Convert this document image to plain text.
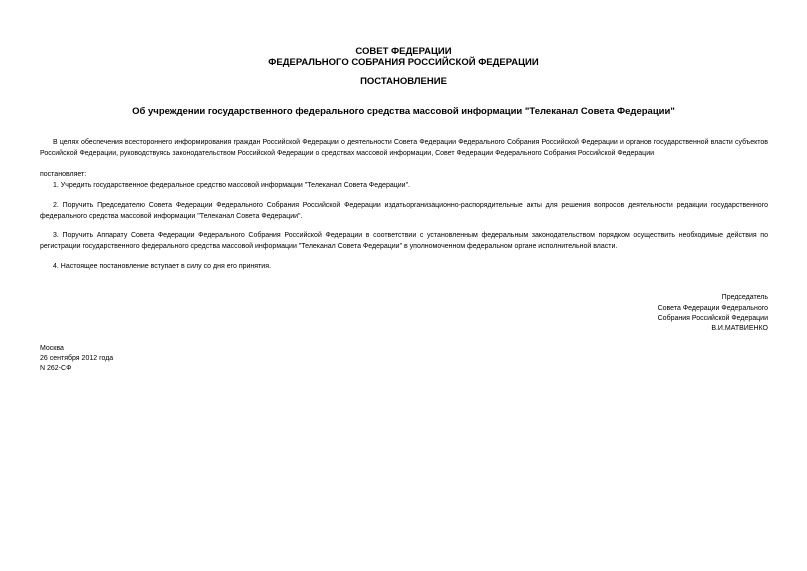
СОВЕТ ФЕДЕРАЦИИ
ФЕДЕРАЛЬНОГО СОБРАНИЯ РОССИЙСКОЙ ФЕДЕРАЦИИ
ПОСТАНОВЛЕНИЕ
Об учреждении государственного федерального средства массовой информации "Телеканал Совета Федерации"
В целях обеспечения всестороннего информирования граждан Российской Федерации о деятельности Совета Федерации Федерального Собрания Российской Федерации и органов государственной власти субъектов Российской Федерации, руководствуясь законодательством Российской Федерации о средствах массовой информации, Совет Федерации Федерального Собрания Российской Федерации
постановляет:
1. Учредить государственное федеральное средство массовой информации "Телеканал Совета Федерации".
2. Поручить Председателю Совета Федерации Федерального Собрания Российской Федерации издатьорганизационно-распорядительные акты для решения вопросов деятельности редакции государственного федерального средства массовой информации "Телеканал Совета Федерации".
3. Поручить Аппарату Совета Федерации Федерального Собрания Российской Федерации в соответствии с установленным федеральным законодательством порядком осуществить необходимые действия по регистрации государственного федерального средства массовой информации "Телеканал Совета Федерации" в уполномоченном федеральном органе исполнительной власти.
4. Настоящее постановление вступает в силу со дня его принятия.
Председатель
Совета Федерации Федерального
Собрания Российской Федерации
В.И.МАТВИЕНКО
Москва
26 сентября 2012 года
N 262-СФ
